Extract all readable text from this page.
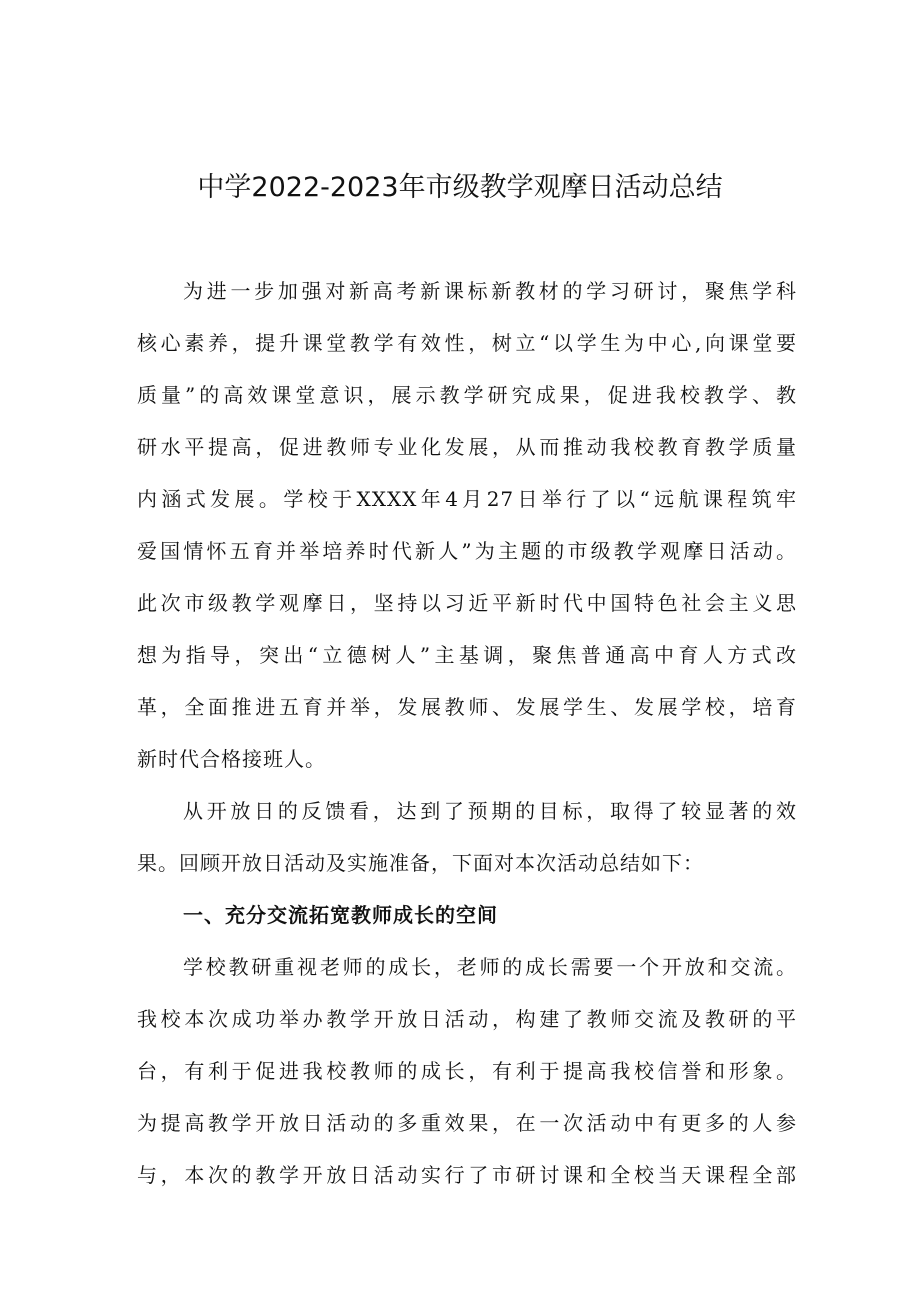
中学2022-2023年市级教学观摩日活动总结
为进一步加强对新高考新课标新教材的学习研讨，聚焦学科
核心素养，提升课堂教学有效性，树立“以学生为中心,向课堂要
质量”的高效课堂意识，展示教学研究成果，促进我校教学、教
研水平提高，促进教师专业化发展，从而推动我校教育教学质量
内涵式发展。学校于XXXX年4月27日举行了以“远航课程筑牢
爱国情怀五育并举培养时代新人”为主题的市级教学观摩日活动。
此次市级教学观摩日，坚持以习近平新时代中国特色社会主义思
想为指导，突出“立德树人”主基调，聚焦普通高中育人方式改
革，全面推进五育并举，发展教师、发展学生、发展学校，培育
新时代合格接班人。
从开放日的反馈看，达到了预期的目标，取得了较显著的效
果。回顾开放日活动及实施准备，下面对本次活动总结如下：
一、充分交流拓宽教师成长的空间
学校教研重视老师的成长，老师的成长需要一个开放和交流。
我校本次成功举办教学开放日活动，构建了教师交流及教研的平
台，有利于促进我校教师的成长，有利于提高我校信誉和形象。
为提高教学开放日活动的多重效果，在一次活动中有更多的人参
与，本次的教学开放日活动实行了市研讨课和全校当天课程全部
